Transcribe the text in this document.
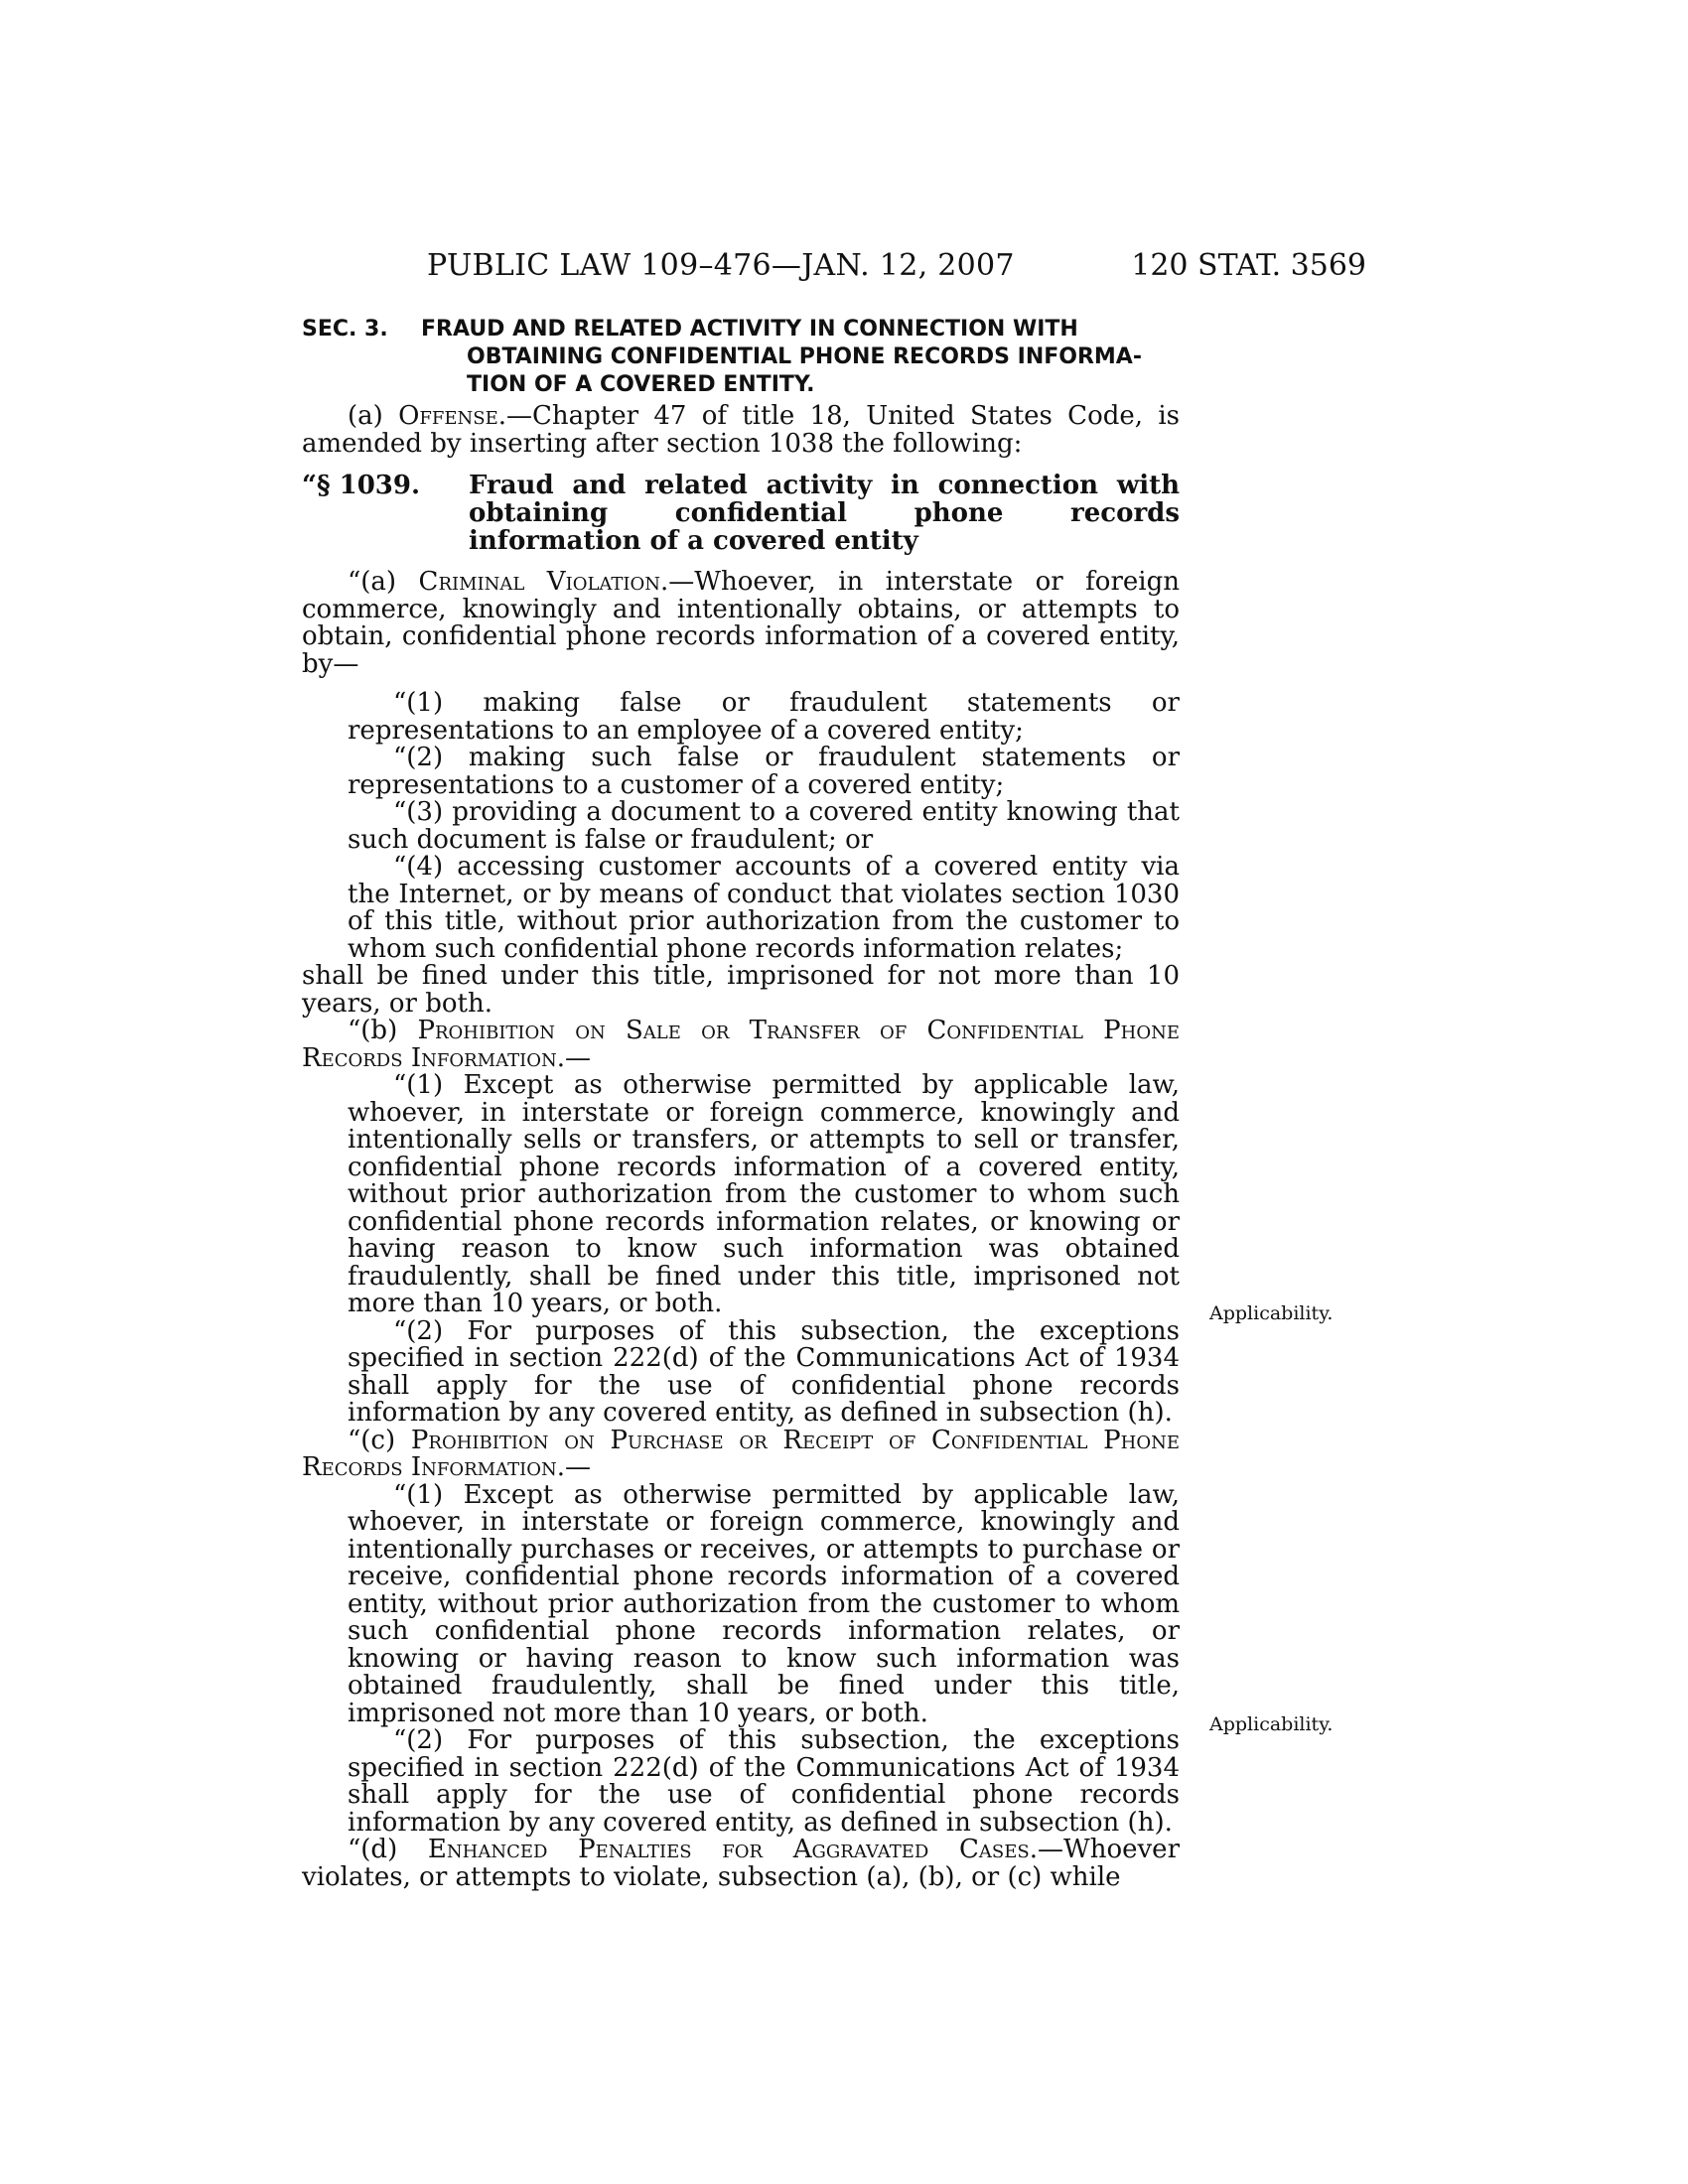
PUBLIC LAW 109–476—JAN. 12, 2007	120 STAT. 3569
SEC. 3.	FRAUD AND RELATED ACTIVITY IN CONNECTION WITH
OBTAINING CONFIDENTIAL PHONE RECORDS INFORMA-
TION OF A COVERED ENTITY.

(a) Offense.—Chapter 47 of title 18, United States Code, is amended by inserting after section 1038 the following:

“§ 1039.	Fraud and related activity in connection with obtaining confidential phone records information of a covered entity

“(a) Criminal Violation.—Whoever, in interstate or foreign commerce, knowingly and intentionally obtains, or attempts to obtain, confidential phone records information of a covered entity, by—

“(1) making false or fraudulent statements or representations to an employee of a covered entity;

“(2) making such false or fraudulent statements or representations to a customer of a covered entity;

“(3) providing a document to a covered entity knowing that such document is false or fraudulent; or

“(4) accessing customer accounts of a covered entity via the Internet, or by means of conduct that violates section 1030 of this title, without prior authorization from the customer to whom such confidential phone records information relates;

shall be fined under this title, imprisoned for not more than 10 years, or both.

“(b) Prohibition on Sale or Transfer of Confidential Phone Records Information.—

“(1) Except as otherwise permitted by applicable law, whoever, in interstate or foreign commerce, knowingly and intentionally sells or transfers, or attempts to sell or transfer, confidential phone records information of a covered entity, without prior authorization from the customer to whom such confidential phone records information relates, or knowing or having reason to know such information was obtained fraudulently, shall be fined under this title, imprisoned not more than 10 years, or both.

“(2) For purposes of this subsection, the exceptions specified in section 222(d) of the Communications Act of 1934 shall apply for the use of confidential phone records information by any covered entity, as defined in subsection (h).

“(c) Prohibition on Purchase or Receipt of Confidential Phone Records Information.—

“(1) Except as otherwise permitted by applicable law, whoever, in interstate or foreign commerce, knowingly and intentionally purchases or receives, or attempts to purchase or receive, confidential phone records information of a covered entity, without prior authorization from the customer to whom such confidential phone records information relates, or knowing or having reason to know such information was obtained fraudulently, shall be fined under this title, imprisoned not more than 10 years, or both.

“(2) For purposes of this subsection, the exceptions specified in section 222(d) of the Communications Act of 1934 shall apply for the use of confidential phone records information by any covered entity, as defined in subsection (h).

“(d) Enhanced Penalties for Aggravated Cases.—Whoever violates, or attempts to violate, subsection (a), (b), or (c) while

Applicability.
Applicability.
